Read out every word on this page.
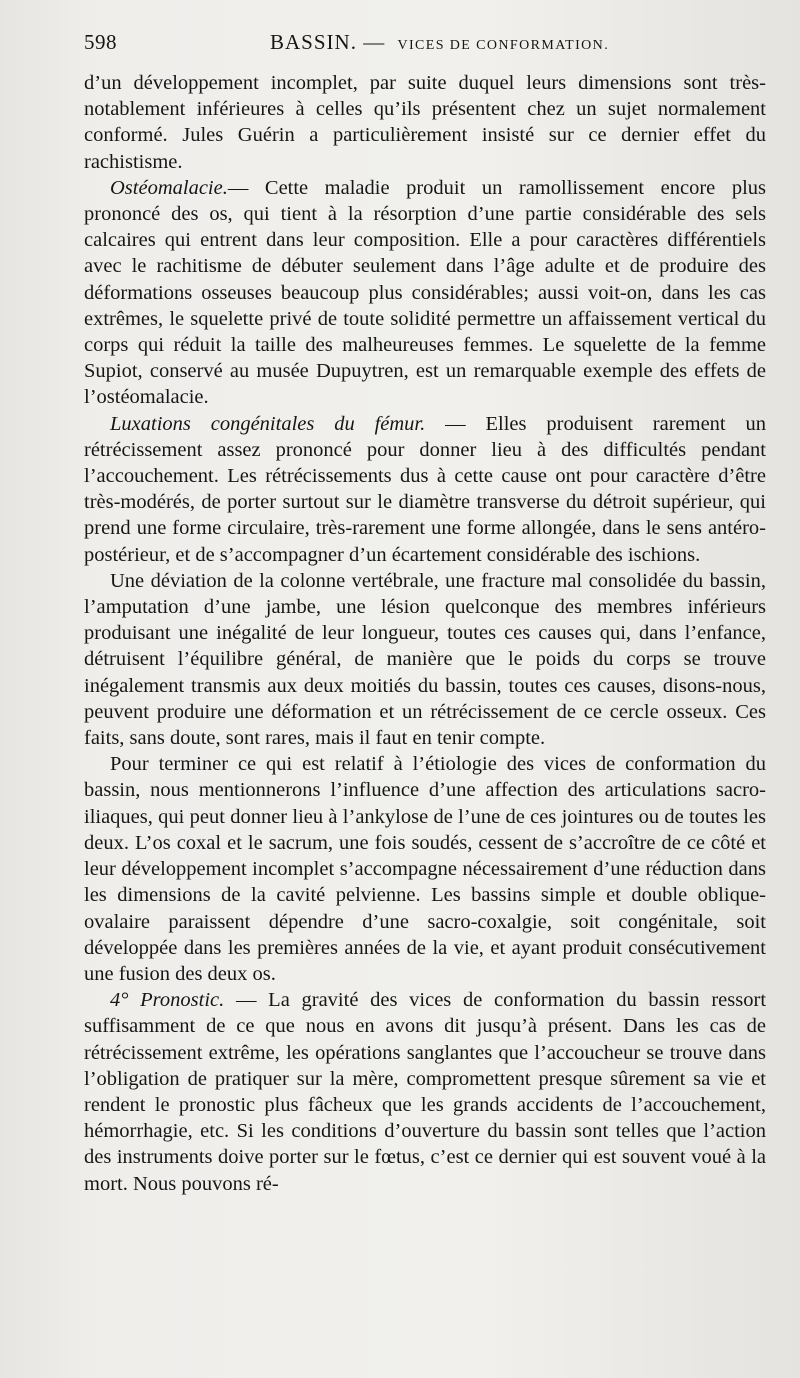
598	BASSIN. — VICES DE CONFORMATION.

d’un développement incomplet, par suite duquel leurs dimensions sont très-notablement inférieures à celles qu’ils présentent chez un sujet normalement conformé. Jules Guérin a particulièrement insisté sur ce dernier effet du rachistisme.

Ostéomalacie.— Cette maladie produit un ramollissement encore plus prononcé des os, qui tient à la résorption d’une partie considérable des sels calcaires qui entrent dans leur composition. Elle a pour caractères différentiels avec le rachitisme de débuter seulement dans l’âge adulte et de produire des déformations osseuses beaucoup plus considérables; aussi voit-on, dans les cas extrêmes, le squelette privé de toute solidité permettre un affaissement vertical du corps qui réduit la taille des malheureuses femmes. Le squelette de la femme Supiot, conservé au musée Dupuytren, est un remarquable exemple des effets de l’ostéomalacie.

Luxations congénitales du fémur. — Elles produisent rarement un rétrécissement assez prononcé pour donner lieu à des difficultés pendant l’accouchement. Les rétrécissements dus à cette cause ont pour caractère d’être très-modérés, de porter surtout sur le diamètre transverse du détroit supérieur, qui prend une forme circulaire, très-rarement une forme allongée, dans le sens antéro-postérieur, et de s’accompagner d’un écartement considérable des ischions.

Une déviation de la colonne vertébrale, une fracture mal consolidée du bassin, l’amputation d’une jambe, une lésion quelconque des membres inférieurs produisant une inégalité de leur longueur, toutes ces causes qui, dans l’enfance, détruisent l’équilibre général, de manière que le poids du corps se trouve inégalement transmis aux deux moitiés du bassin, toutes ces causes, disons-nous, peuvent produire une déformation et un rétrécissement de ce cercle osseux. Ces faits, sans doute, sont rares, mais il faut en tenir compte.

Pour terminer ce qui est relatif à l’étiologie des vices de conformation du bassin, nous mentionnerons l’influence d’une affection des articulations sacro-iliaques, qui peut donner lieu à l’ankylose de l’une de ces jointures ou de toutes les deux. L’os coxal et le sacrum, une fois soudés, cessent de s’accroître de ce côté et leur développement incomplet s’accompagne nécessairement d’une réduction dans les dimensions de la cavité pelvienne. Les bassins simple et double oblique-ovalaire paraissent dépendre d’une sacro-coxalgie, soit congénitale, soit développée dans les premières années de la vie, et ayant produit consécutivement une fusion des deux os.

4° Pronostic. — La gravité des vices de conformation du bassin ressort suffisamment de ce que nous en avons dit jusqu’à présent. Dans les cas de rétrécissement extrême, les opérations sanglantes que l’accoucheur se trouve dans l’obligation de pratiquer sur la mère, compromettent presque sûrement sa vie et rendent le pronostic plus fâcheux que les grands accidents de l’accouchement, hémorrhagie, etc. Si les conditions d’ouverture du bassin sont telles que l’action des instruments doive porter sur le fœtus, c’est ce dernier qui est souvent voué à la mort. Nous pouvons ré-
